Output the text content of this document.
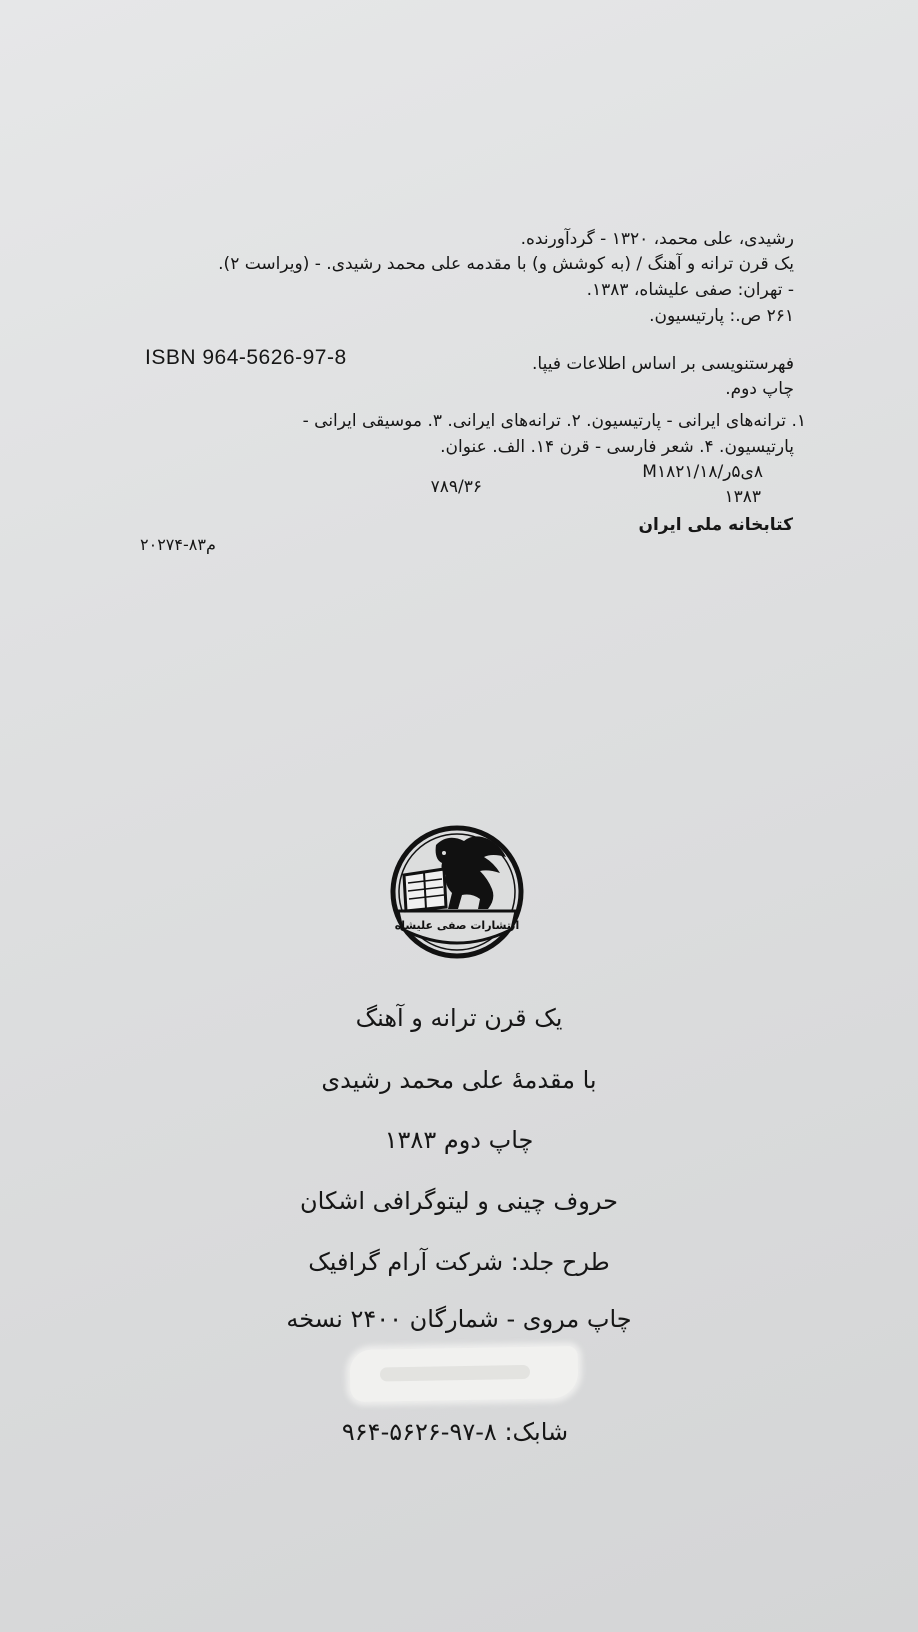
رشیدی، علی محمد، ۱۳۲۰ - گردآورنده.
یک قرن ترانه و آهنگ / (به کوشش و) با مقدمه علی محمد رشیدی. - (ویراست ۲).
- تهران: صفی علیشاه، ۱۳۸۳.
۲۶۱ ص.: پارتیسیون.
ISBN 964-5626-97-8	فهرستنویسی بر اساس اطلاعات فیپا.
چاپ دوم.
۱. ترانه‌های ایرانی - پارتیسیون. ۲. ترانه‌های ایرانی. ۳. موسیقی ایرانی -
پارتیسیون. ۴. شعر فارسی - قرن ۱۴. الف. عنوان.
۸ی۵ر/M۱۸۲۱/۱۸
۷۸۹/۳۶	۱۳۸۳
کتابخانه ملی ایران
م۸۳-۲۰۲۷۴
انتشارات صفی علیشاه
یک قرن ترانه و آهنگ
با مقدمهٔ علی محمد رشیدی
چاپ دوم ۱۳۸۳
حروف چینی و لیتوگرافی اشکان
طرح جلد: شرکت آرام گرافیک
چاپ مروی - شمارگان ۲۴۰۰ نسخه
شابک: ۸-۹۷-۵۶۲۶-۹۶۴
